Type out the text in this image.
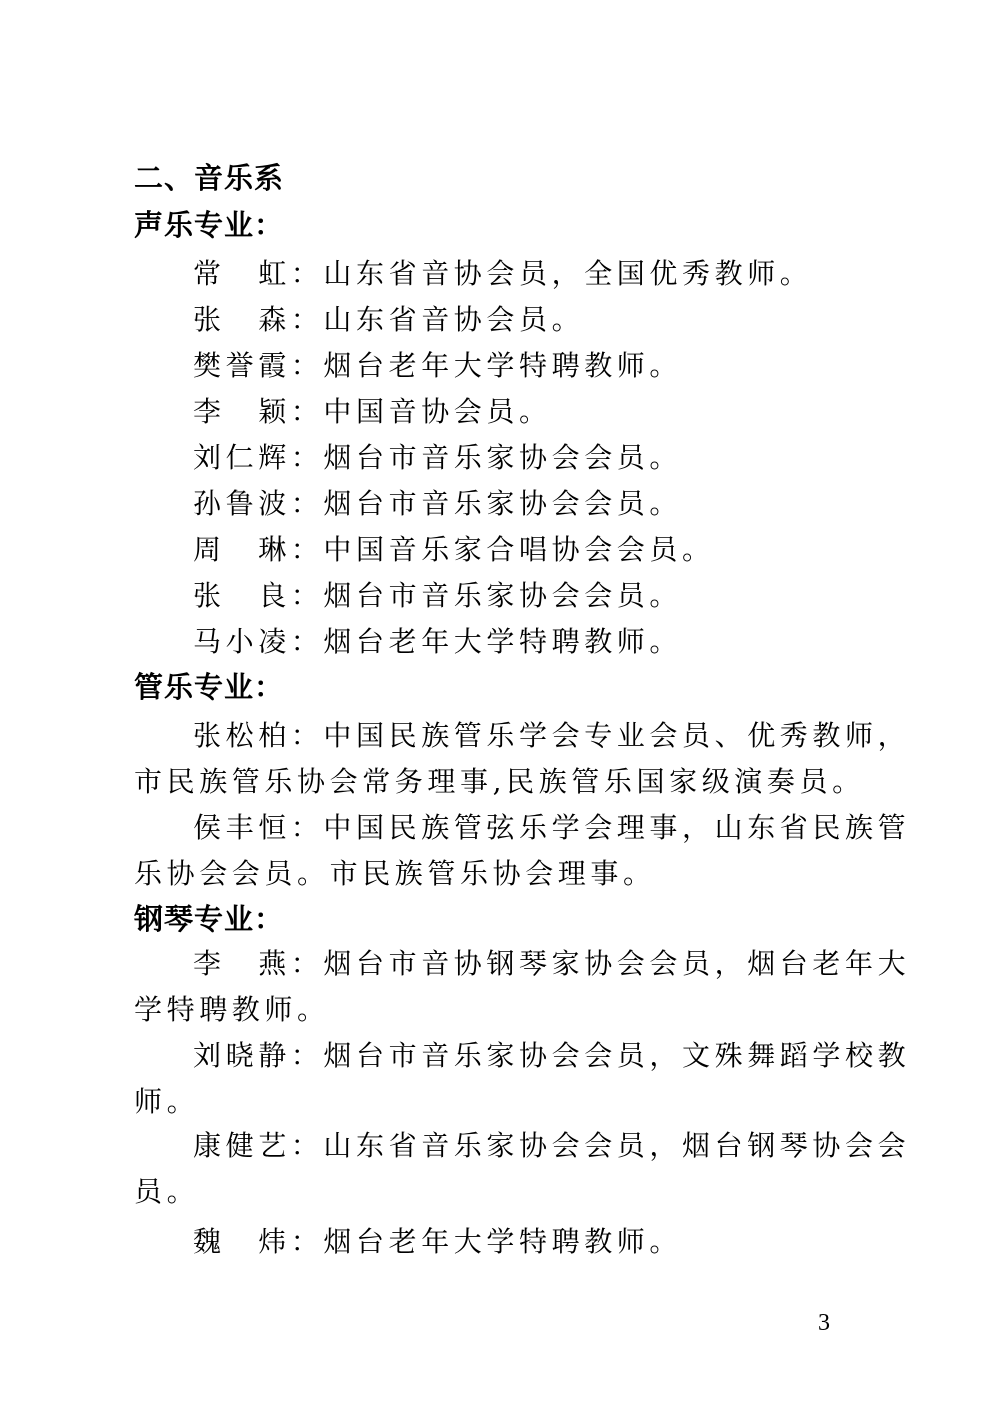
二、音乐系
声乐专业：
常　虹：山东省音协会员，全国优秀教师。
张　森：山东省音协会员。
樊誉霞：烟台老年大学特聘教师。
李　颖：中国音协会员。
刘仁辉：烟台市音乐家协会会员。
孙鲁波：烟台市音乐家协会会员。
周　琳：中国音乐家合唱协会会员。
张　良：烟台市音乐家协会会员。
马小凌：烟台老年大学特聘教师。
管乐专业：
张松柏：中国民族管乐学会专业会员、优秀教师，
市民族管乐协会常务理事,民族管乐国家级演奏员。
侯丰恒：中国民族管弦乐学会理事，山东省民族管
乐协会会员。市民族管乐协会理事。
钢琴专业：
李　燕：烟台市音协钢琴家协会会员，烟台老年大
学特聘教师。
刘晓静：烟台市音乐家协会会员，文殊舞蹈学校教
师。
康健艺：山东省音乐家协会会员，烟台钢琴协会会
员。
魏　炜：烟台老年大学特聘教师。
3
